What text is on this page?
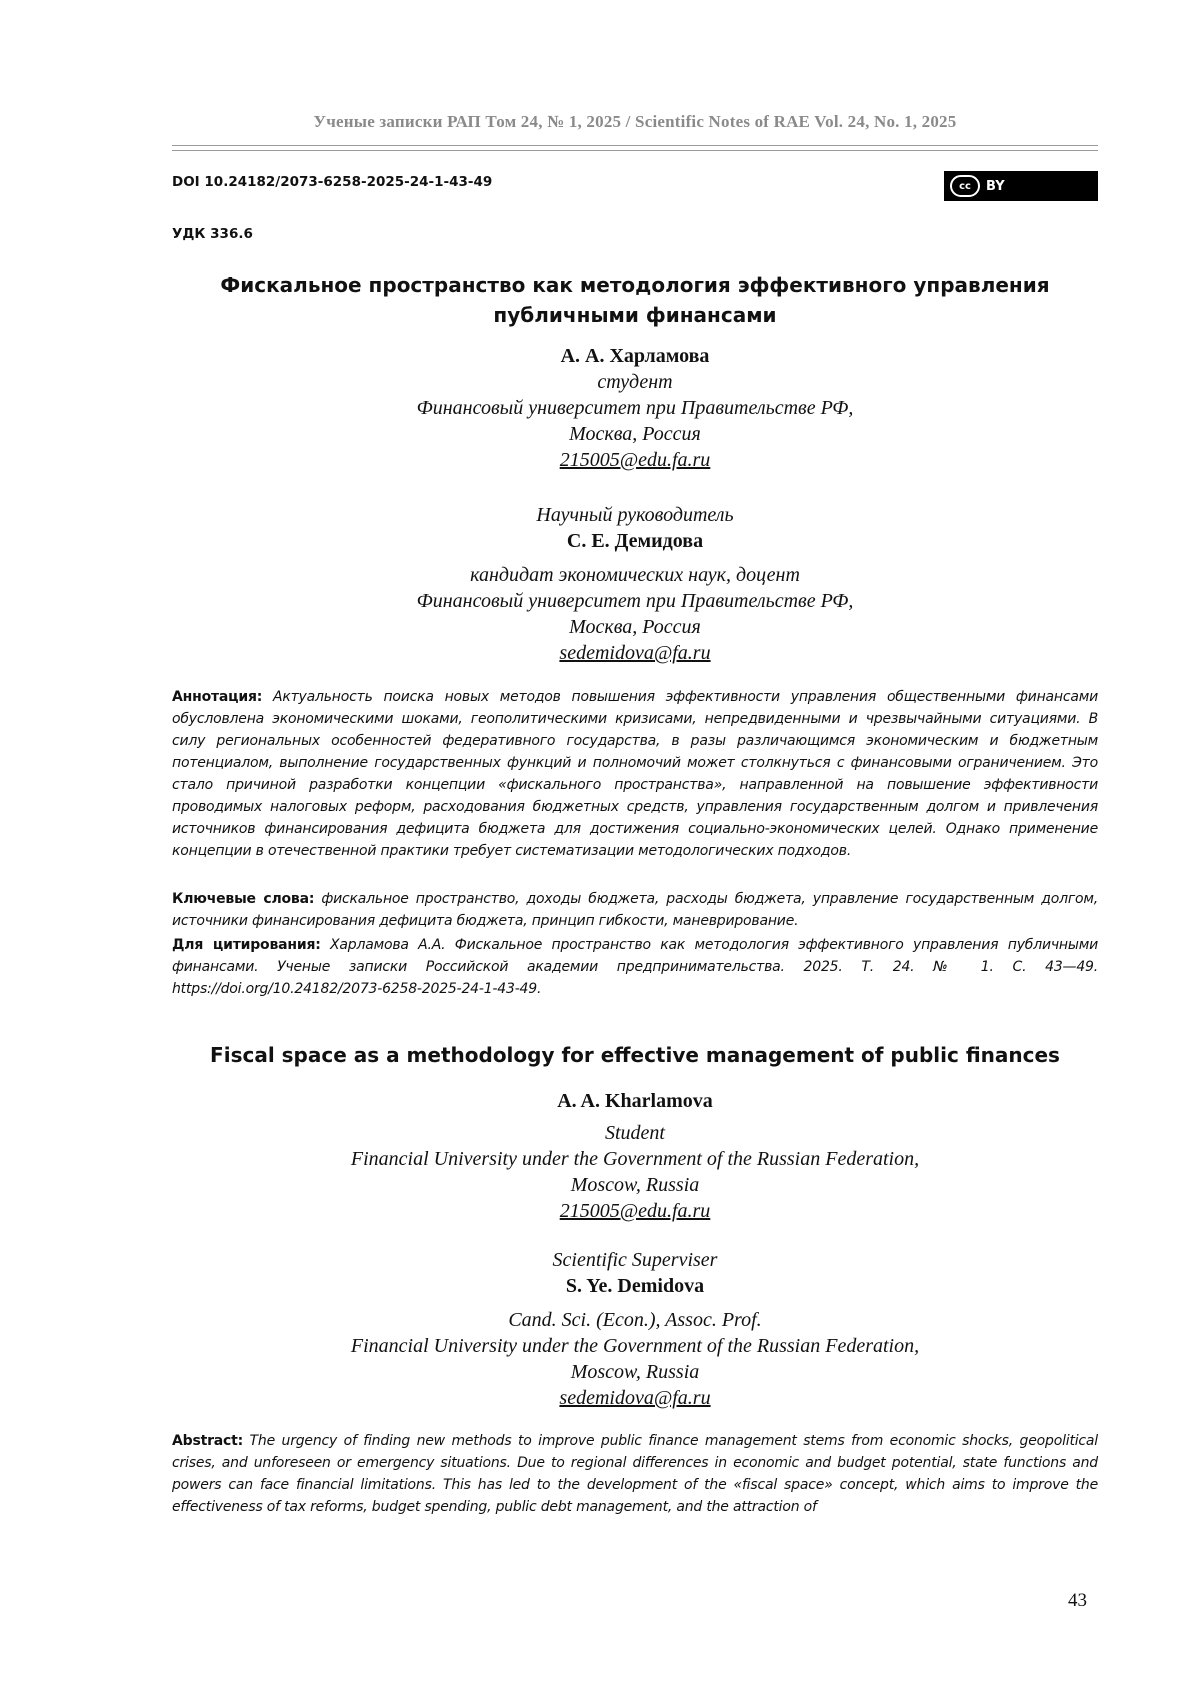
Ученые записки РАП Том 24, № 1, 2025 / Scientific Notes of RAE Vol. 24, No. 1, 2025
DOI 10.24182/2073-6258-2025-24-1-43-49	cc	BY
УДК 336.6
Фискальное пространство как методология эффективного управления
публичными финансами
А. А. Харламова
студент
Финансовый университет при Правительстве РФ,
Москва, Россия
215005@edu.fa.ru
Научный руководитель
С. Е. Демидова
кандидат экономических наук, доцент
Финансовый университет при Правительстве РФ,
Москва, Россия
sedemidova@fa.ru

Аннотация: Актуальность поиска новых методов повышения эффективности управления общественными финансами обусловлена экономическими шоками, геополитическими кризисами, непредвиденными и чрезвычайными ситуациями. В силу региональных особенностей федеративного государства, в разы различающимся экономическим и бюджетным потенциалом, выполнение государственных функций и полномочий может столкнуться с финансовыми ограничением. Это стало причиной разработки концепции «фискального пространства», направленной на повышение эффективности проводимых налоговых реформ, расходования бюджетных средств, управления государственным долгом и привлечения источников финансирования дефицита бюджета для достижения социально-экономических целей. Однако применение концепции в отечественной практики требует систематизации методологических подходов.

Ключевые слова: фискальное пространство, доходы бюджета, расходы бюджета, управление государственным долгом, источники финансирования дефицита бюджета, принцип гибкости, маневрирование.

Для цитирования: Харламова А.А. Фискальное пространство как методология эффективного управления публичными финансами. Ученые записки Российской академии предпринимательства. 2025. Т. 24. № 1. С. 43—49. https://doi.org/10.24182/2073-6258-2025-24-1-43-49.

Fiscal space as a methodology for effective management of public finances
A. A. Kharlamova
Student
Financial University under the Government of the Russian Federation,
Moscow, Russia
215005@edu.fa.ru
Scientific Superviser
S. Ye. Demidova
Cand. Sci. (Econ.), Assoc. Prof.
Financial University under the Government of the Russian Federation,
Moscow, Russia
sedemidova@fa.ru

Abstract: The urgency of finding new methods to improve public finance management stems from economic shocks, geopolitical crises, and unforeseen or emergency situations. Due to regional differences in economic and budget potential, state functions and powers can face financial limitations. This has led to the development of the «fiscal space» concept, which aims to improve the effectiveness of tax reforms, budget spending, public debt management, and the attraction of

43
